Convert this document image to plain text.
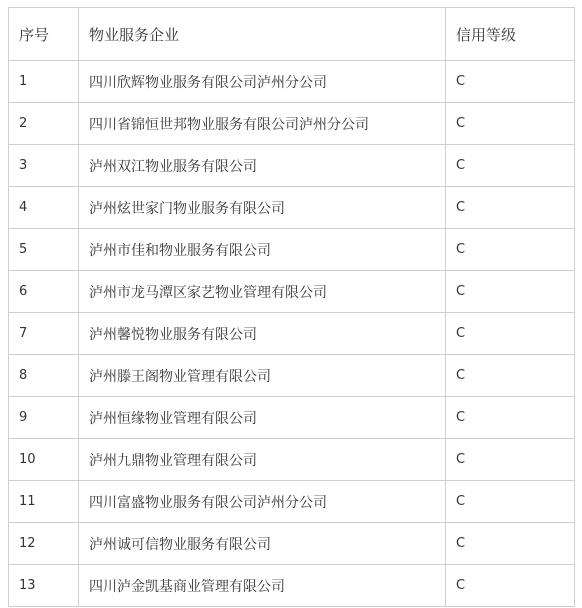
序号	物业服务企业	信用等级
1	四川欣辉物业服务有限公司泸州分公司	C
2	四川省锦恒世邦物业服务有限公司泸州分公司	C
3	泸州双江物业服务有限公司	C
4	泸州炫世家门物业服务有限公司	C
5	泸州市佳和物业服务有限公司	C
6	泸州市龙马潭区家艺物业管理有限公司	C
7	泸州馨悦物业服务有限公司	C
8	泸州滕王阁物业管理有限公司	C
9	泸州恒缘物业管理有限公司	C
10	泸州九鼎物业管理有限公司	C
11	四川富盛物业服务有限公司泸州分公司	C
12	泸州诚可信物业服务有限公司	C
13	四川泸金凯基商业管理有限公司	C
